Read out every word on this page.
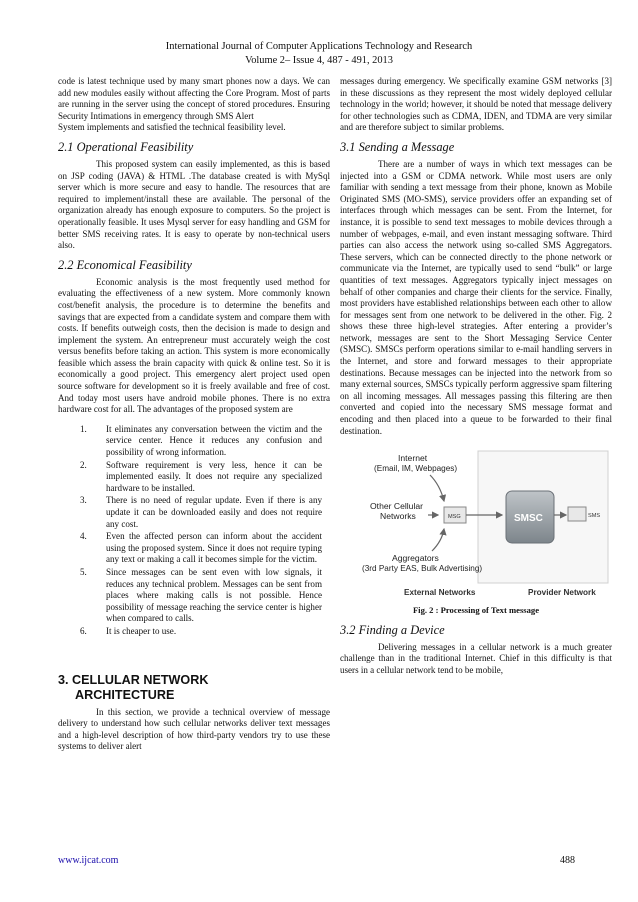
International Journal of Computer Applications Technology and Research
Volume 2– Issue 4, 487 - 491, 2013

code is latest technique used by many smart phones now a days. We can add new modules easily without affecting the Core Program. Most of parts are running in the server using the concept of stored procedures. Ensuring Security Intimations in emergency through SMS Alert

System implements and satisfied the technical feasibility level.

2.1 Operational Feasibility

This proposed system can easily implemented, as this is based on JSP coding (JAVA) & HTML .The database created is with MySql server which is more secure and easy to handle. The resources that are required to implement/install these are available. The personal of the organization already has enough exposure to computers. So the project is operationally feasible. It uses Mysql server for easy handling and GSM for better SMS receiving rates. It is easy to operate by non-technical users also.

2.2 Economical Feasibility

Economic analysis is the most frequently used method for evaluating the effectiveness of a new system. More commonly known cost/benefit analysis, the procedure is to determine the benefits and savings that are expected from a candidate system and compare them with costs. If benefits outweigh costs, then the decision is made to design and implement the system. An entrepreneur must accurately weigh the cost versus benefits before taking an action. This system is more economically feasible which assess the brain capacity with quick & online test. So it is economically a good project. This emergency alert project used open source software for development so it is freely available and free of cost. And today most users have android mobile phones. There is no extra hardware cost for all. The advantages of the proposed system are

1. It eliminates any conversation between the victim and the service center. Hence it reduces any confusion and possibility of wrong information.
2. Software requirement is very less, hence it can be implemented easily. It does not require any specialized hardware to be installed.
3. There is no need of regular update. Even if there is any update it can be downloaded easily and does not require any cost.
4. Even the affected person can inform about the accident using the proposed system. Since it does not require typing any text or making a call it becomes simple for the victim.
5. Since messages can be sent even with low signals, it reduces any technical problem. Messages can be sent from places where making calls is not possible. Hence possibility of message reaching the service center is higher when compared to calls.
6. It is cheaper to use.
3. CELLULAR NETWORK
ARCHITECTURE

In this section, we provide a technical overview of message delivery to understand how such cellular networks deliver text messages and a high-level description of how third-party vendors try to use these systems to deliver alert

messages during emergency. We specifically examine GSM networks [3] in these discussions as they represent the most widely deployed cellular technology in the world; however, it should be noted that message delivery for other technologies such as CDMA, IDEN, and TDMA are very similar and are therefore subject to similar problems.

3.1 Sending a Message

There are a number of ways in which text messages can be injected into a GSM or CDMA network. While most users are only familiar with sending a text message from their phone, known as Mobile Originated SMS (MO-SMS), service providers offer an expanding set of interfaces through which messages can be sent. From the Internet, for instance, it is possible to send text messages to mobile devices through a number of webpages, e-mail, and even instant messaging software. Third parties can also access the network using so-called SMS Aggregators. These servers, which can be connected directly to the phone network or communicate via the Internet, are typically used to send “bulk” or large quantities of text messages. Aggregators typically inject messages on behalf of other companies and charge their clients for the service. Finally, most providers have established relationships between each other to allow for messages sent from one network to be delivered in the other. Fig. 2 shows these three high-level strategies. After entering a provider’s network, messages are sent to the Short Messaging Service Center (SMSC). SMSCs perform operations similar to e-mail handling servers in the Internet, and store and forward messages to their appropriate destinations. Because messages can be injected into the network from so many external sources, SMSCs typically perform aggressive spam filtering on all incoming messages. All messages passing this filtering are then converted and copied into the necessary SMS message format and encoding and then placed into a queue to be forwarded to their final destination.

Internet
(Email, IM, Webpages)
Other Cellular
Networks
Aggregators
(3rd Party EAS, Bulk Advertising)
MSG	SMSC	SMS
External Networks	Provider Network
Fig. 2 : Processing of Text message
3.2 Finding a Device

Delivering messages in a cellular network is a much greater challenge than in the traditional Internet. Chief in this difficulty is that users in a cellular network tend to be mobile,

www.ijcat.com	488
